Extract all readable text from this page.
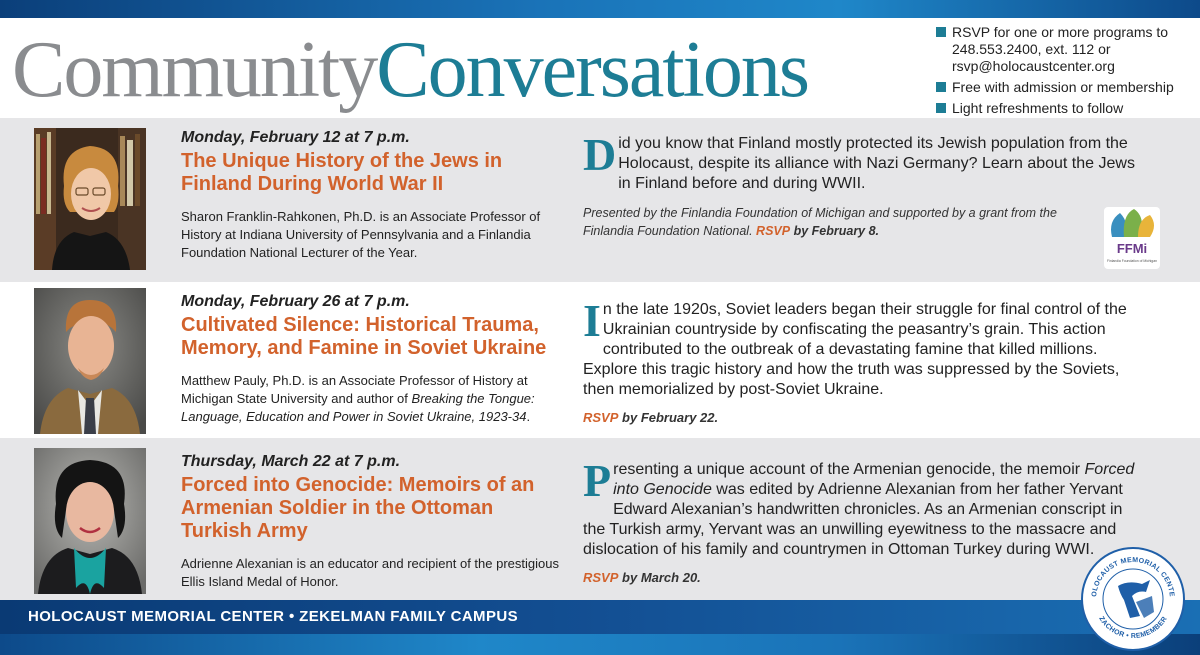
CommunityConversations	RSVP for one or more programs to 248.553.2400, ext. 112 or rsvp@holocaustcenter.org
Free with admission or membership
Light refreshments to follow
Monday, February 12 at 7 p.m.
The Unique History of the Jews in Finland During World War II
Sharon Franklin-Rahkonen, Ph.D. is an Associate Professor of History at Indiana University of Pennsylvania and a Finlandia Foundation National Lecturer of the Year.
Did you know that Finland mostly protected its Jewish population from the Holocaust, despite its alliance with Nazi Germany? Learn about the Jews in Finland before and during WWII.
Presented by the Finlandia Foundation of Michigan and supported by a grant from the Finlandia Foundation National. RSVP by February 8.
FFMi
Finlandia Foundation of Michigan
Monday, February 26 at 7 p.m.
Cultivated Silence: Historical Trauma, Memory, and Famine in Soviet Ukraine
Matthew Pauly, Ph.D. is an Associate Professor of History at Michigan State University and author of Breaking the Tongue: Language, Education and Power in Soviet Ukraine, 1923-34.
In the late 1920s, Soviet leaders began their struggle for final control of the Ukrainian countryside by confiscating the peasantry’s grain. This action contributed to the outbreak of a devastating famine that killed millions. Explore this tragic history and how the truth was suppressed by the Soviets, then memorialized by post-Soviet Ukraine.
RSVP by February 22.
Thursday, March 22 at 7 p.m.
Forced into Genocide: Memoirs of an Armenian Soldier in the Ottoman Turkish Army
Adrienne Alexanian is an educator and recipient of the prestigious Ellis Island Medal of Honor.
Presenting a unique account of the Armenian genocide, the memoir Forced into Genocide was edited by Adrienne Alexanian from her father Yervant Edward Alexanian’s handwritten chronicles. As an Armenian conscript in the Turkish army, Yervant was an unwilling eyewitness to the massacre and dislocation of his family and countrymen in Ottoman Turkey during WWI.
RSVP by March 20.
HOLOCAUST MEMORIAL CENTER • ZEKELMAN FAMILY CAMPUS
OLOCAUST MEMORIAL CENTE
ZACHOR • REMEMBER
